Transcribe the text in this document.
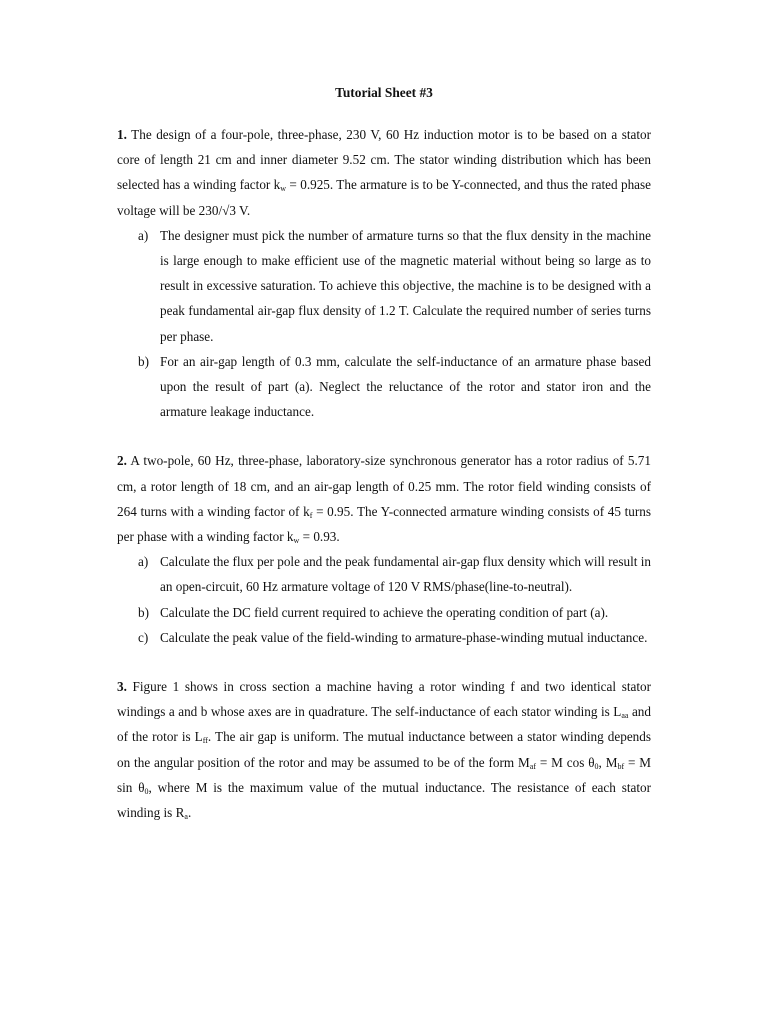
Tutorial Sheet #3

1. The design of a four-pole, three-phase, 230 V, 60 Hz induction motor is to be based on a stator core of length 21 cm and inner diameter 9.52 cm. The stator winding distribution which has been selected has a winding factor $k_w = 0.925$. The armature is to be Y-connected, and thus the rated phase voltage will be 230/√3 V.

a) The designer must pick the number of armature turns so that the flux density in the machine is large enough to make efficient use of the magnetic material without being so large as to result in excessive saturation. To achieve this objective, the machine is to be designed with a peak fundamental air-gap flux density of 1.2 T. Calculate the required number of series turns per phase.
b) For an air-gap length of 0.3 mm, calculate the self-inductance of an armature phase based upon the result of part (a). Neglect the reluctance of the rotor and stator iron and the armature leakage inductance.

2. A two-pole, 60 Hz, three-phase, laboratory-size synchronous generator has a rotor radius of 5.71 cm, a rotor length of 18 cm, and an air-gap length of 0.25 mm. The rotor field winding consists of 264 turns with a winding factor of $k_f = 0.95$. The Y-connected armature winding consists of 45 turns per phase with a winding factor $k_w = 0.93$.

a) Calculate the flux per pole and the peak fundamental air-gap flux density which will result in an open-circuit, 60 Hz armature voltage of 120 V RMS/phase(line-to-neutral).
b) Calculate the DC field current required to achieve the operating condition of part (a).
c) Calculate the peak value of the field-winding to armature-phase-winding mutual inductance.

3. Figure 1 shows in cross section a machine having a rotor winding f and two identical stator windings a and b whose axes are in quadrature. The self-inductance of each stator winding is $L_{aa}$ and of the rotor is $L_{ff}$. The air gap is uniform. The mutual inductance between a stator winding depends on the angular position of the rotor and may be assumed to be of the form $M_{af} = M$ $\cos \theta_0$, $M_{bf} = M$ $\sin \theta_0$, where M is the maximum value of the mutual inductance. The resistance of each stator winding is $R_a$.
